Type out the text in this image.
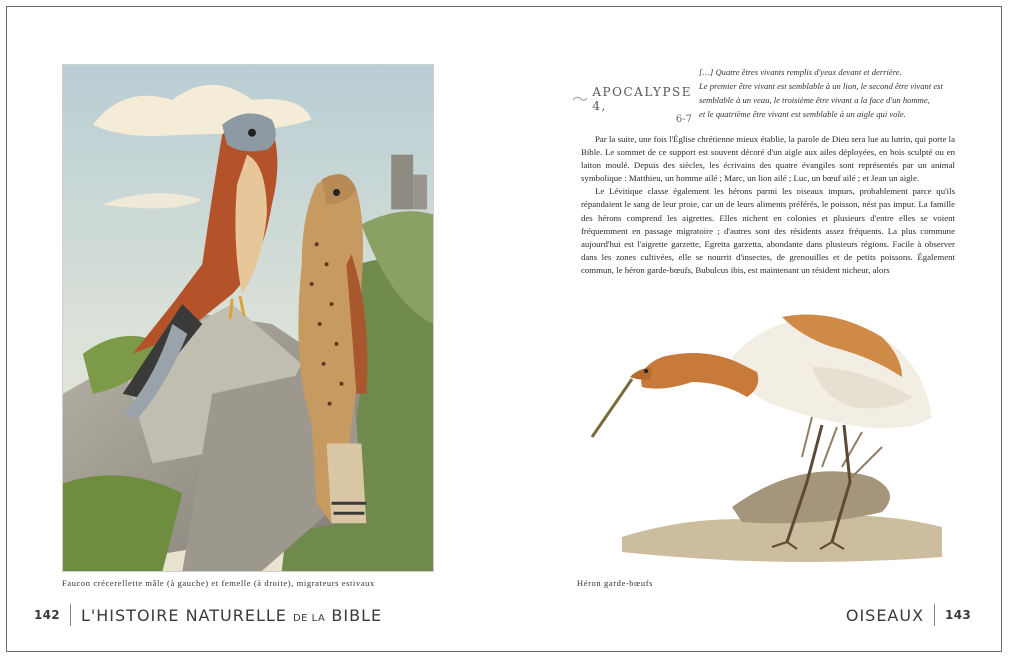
Faucon crécerellette mâle (à gauche) et femelle (à droite), migrateurs estivaux
142 L'HISTOIRE NATURELLE DE LA BIBLE
APOCALYPSE 4,
6-7

[…] Quatre êtres vivants remplis d'yeux devant et derrière.

Le premier être vivant est semblable à un lion, le second être vivant est

semblable à un veau, le troisième être vivant a la face d'un homme,

et le quatrième être vivant est semblable à un aigle qui vole.

Par la suite, une fois l'Église chrétienne mieux établie, la parole de Dieu sera lue au lutrin, qui porte la Bible. Le sommet de ce support est souvent décoré d'un aigle aux ailes déployées, en bois sculpté ou en laiton moulé. Depuis des siècles, les écrivains des quatre évangiles sont représentés par un animal symbolique : Matthieu, un homme ailé ; Marc, un lion ailé ; Luc, un bœuf ailé ; et Jean un aigle.

Le Lévitique classe également les hérons parmi les oiseaux impurs, probablement parce qu'ils répandaient le sang de leur proie, car un de leurs aliments préférés, le poisson, nést pas impur. La famille des hérons comprend les aigrettes. Elles nichent en colonies et plusieurs d'entre elles se voient fréquemment en passage migratoire ; d'autres sont des résidents assez fréquents. La plus commune aujourd'hui est l'aigrette garzette, Egretta garzetta, abondante dans plusieurs régions. Facile à observer dans les zones cultivées, elle se nourrit d'insectes, de grenouilles et de petits poissons. Également commun, le héron garde-bœufs, Bubulcus ibis, est maintenant un résident nicheur, alors

Héron garde-bœufs
OISEAUX 143
